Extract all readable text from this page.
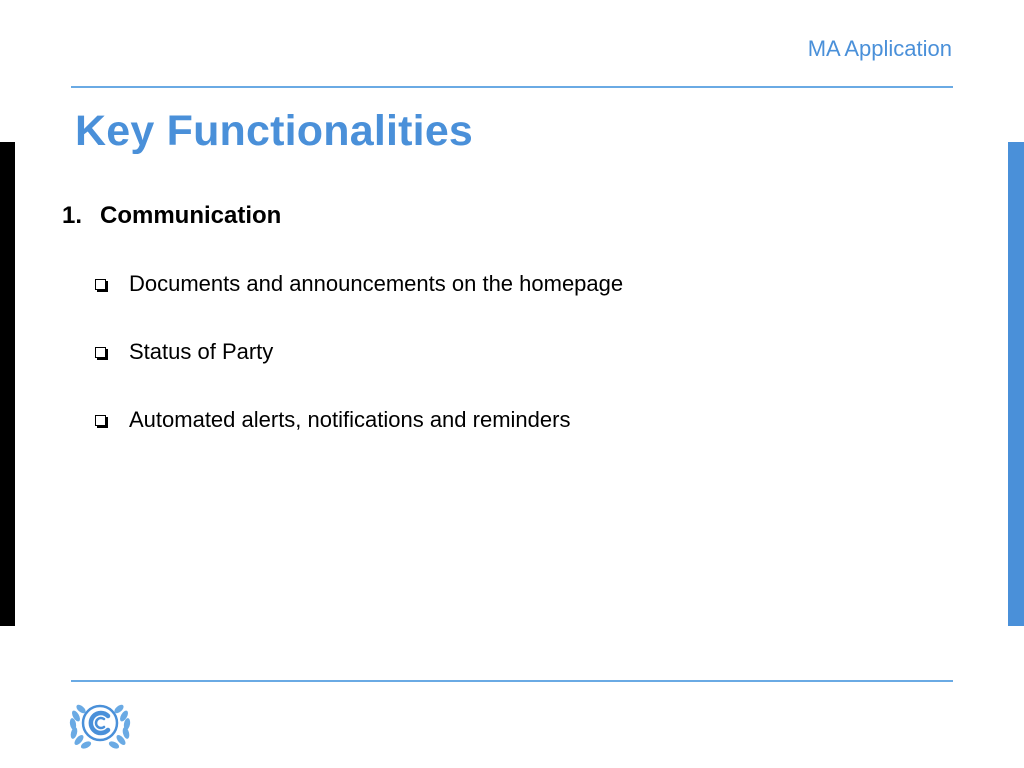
MA Application
Key Functionalities
1. Communication
Documents and announcements on the homepage
Status of Party
Automated alerts, notifications and reminders
